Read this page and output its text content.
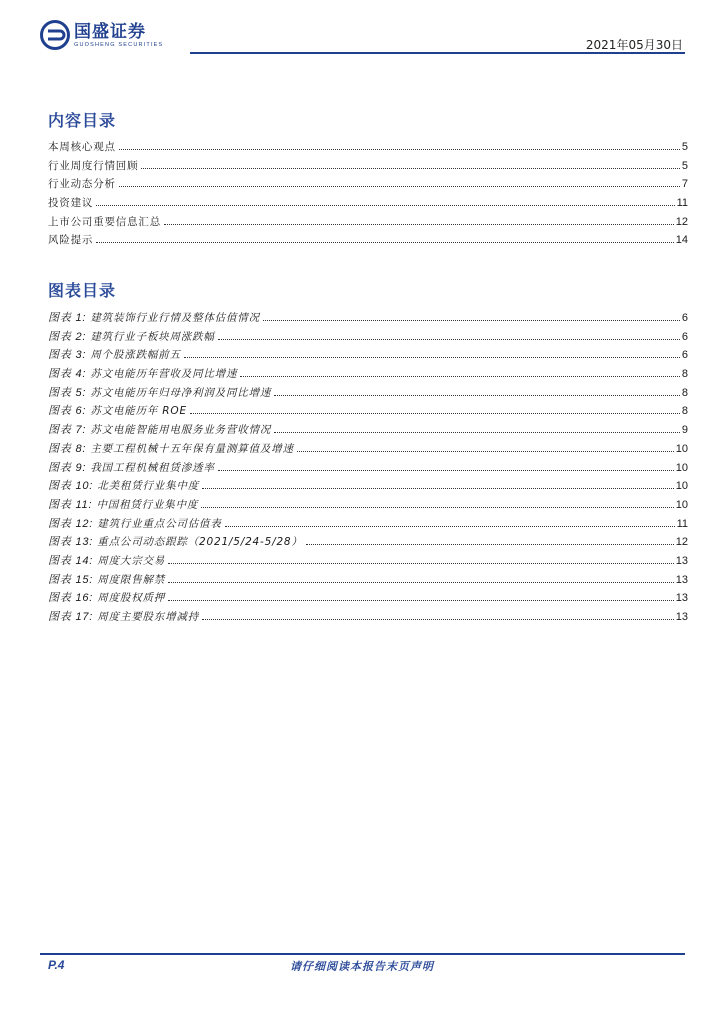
国盛证券
GUOSHENG SECURITIES	2021年05月30日
内容目录
本周核心观点	5
行业周度行情回顾	5
行业动态分析	7
投资建议	11
上市公司重要信息汇总	12
风险提示	14
图表目录
图表 1: 建筑装饰行业行情及整体估值情况	6
图表 2: 建筑行业子板块周涨跌幅	6
图表 3: 周个股涨跌幅前五	6
图表 4: 苏文电能历年营收及同比增速	8
图表 5: 苏文电能历年归母净利润及同比增速	8
图表 6: 苏文电能历年 ROE	8
图表 7: 苏文电能智能用电服务业务营收情况	9
图表 8: 主要工程机械十五年保有量测算值及增速	10
图表 9: 我国工程机械租赁渗透率	10
图表 10: 北美租赁行业集中度	10
图表 11: 中国租赁行业集中度	10
图表 12: 建筑行业重点公司估值表	11
图表 13: 重点公司动态跟踪（2021/5/24-5/28）	12
图表 14: 周度大宗交易	13
图表 15: 周度限售解禁	13
图表 16: 周度股权质押	13
图表 17: 周度主要股东增减持	13
P.4	请仔细阅读本报告末页声明
